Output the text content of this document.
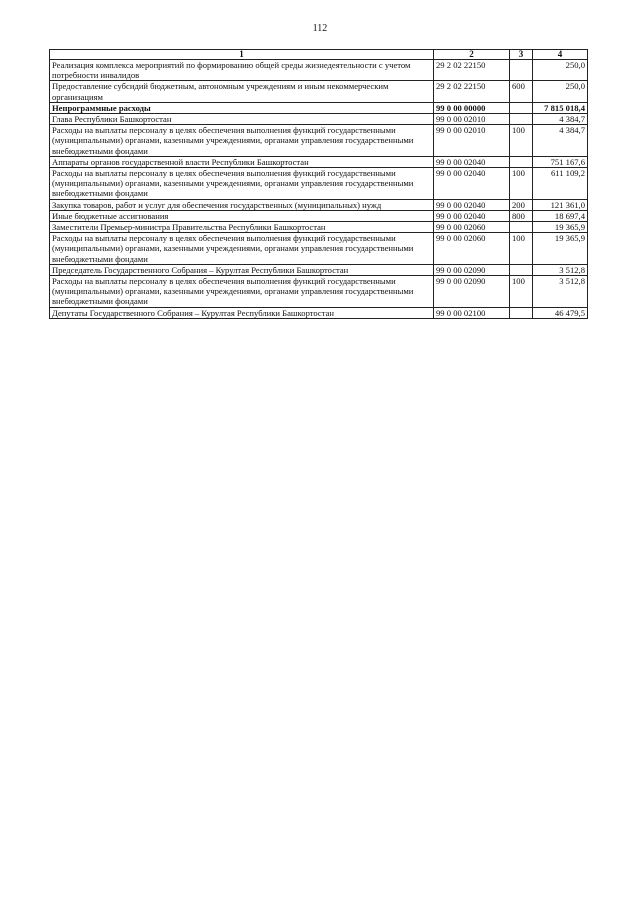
112
1	2	3	4
Реализация комплекса мероприятий по формированию общей среды жизнедеятельности с учетом потребности инвалидов	29 2 02 22150		250,0
Предоставление субсидий бюджетным, автономным учреждениям и иным некоммерческим организациям	29 2 02 22150	600	250,0
Непрограммные расходы	99 0 00 00000		7 815 018,4
Глава Республики Башкортостан	99 0 00 02010		4 384,7
Расходы на выплаты персоналу в целях обеспечения выполнения функций государственными (муниципальными) органами, казенными учреждениями, органами управления государственными внебюджетными фондами	99 0 00 02010	100	4 384,7
Аппараты органов государственной власти Республики Башкортостан	99 0 00 02040		751 167,6
Расходы на выплаты персоналу в целях обеспечения выполнения функций государственными (муниципальными) органами, казенными учреждениями, органами управления государственными внебюджетными фондами	99 0 00 02040	100	611 109,2
Закупка товаров, работ и услуг для обеспечения государственных (муниципальных) нужд	99 0 00 02040	200	121 361,0
Иные бюджетные ассигнования	99 0 00 02040	800	18 697,4
Заместители Премьер-министра Правительства Республики Башкортостан	99 0 00 02060		19 365,9
Расходы на выплаты персоналу в целях обеспечения выполнения функций государственными (муниципальными) органами, казенными учреждениями, органами управления государственными внебюджетными фондами	99 0 00 02060	100	19 365,9
Председатель Государственного Собрания – Курултая Республики Башкортостан	99 0 00 02090		3 512,8
Расходы на выплаты персоналу в целях обеспечения выполнения функций государственными (муниципальными) органами, казенными учреждениями, органами управления государственными внебюджетными фондами	99 0 00 02090	100	3 512,8
Депутаты Государственного Собрания – Курултая Республики Башкортостан	99 0 00 02100		46 479,5
